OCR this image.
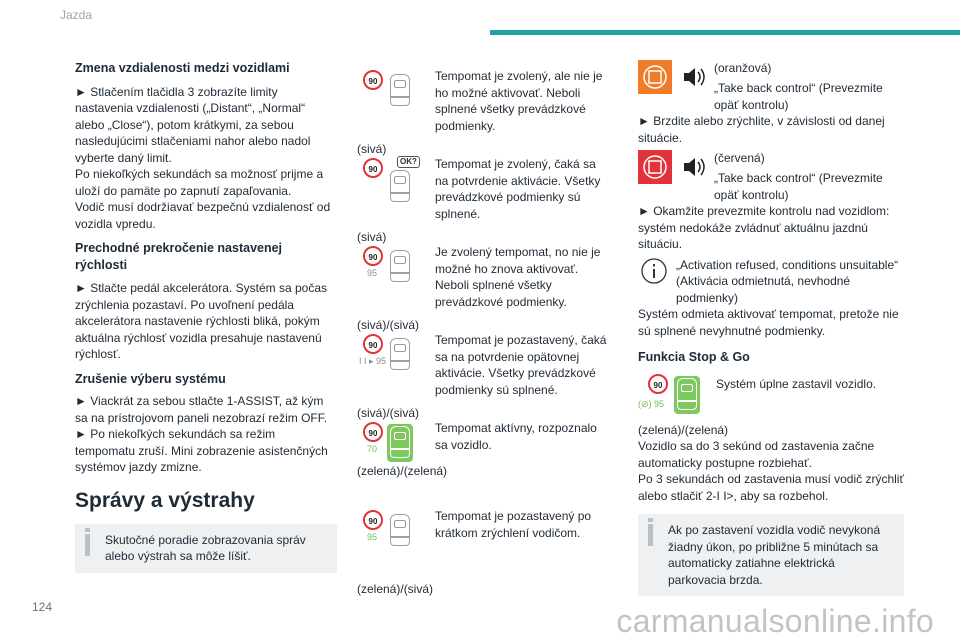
Jazda
124	carmanualsonline.info

Zmena vzdialenosti medzi vozidlami

► Stlačením tlačidla 3 zobrazíte limity nastavenia vzdialenosti („Distant“, „Normal“ alebo „Close“), potom krátkymi, za sebou nasledujúcimi stlačeniami nahor alebo nadol vyberte daný limit.

Po niekoľkých sekundách sa možnosť prijme a uloží do pamäte po zapnutí zapaľovania.

Vodič musí dodržiavať bezpečnú vzdialenosť od vozidla vpredu.

Prechodné prekročenie nastavenej rýchlosti

► Stlačte pedál akcelerátora. Systém sa počas zrýchlenia pozastaví. Po uvoľnení pedála akcelerátora nastavenie rýchlosti bliká, pokým aktuálna rýchlosť vozidla presahuje nastavenú rýchlosť.

Zrušenie výberu systému

► Viackrát za sebou stlačte 1-ASSIST, až kým sa na prístrojovom paneli nezobrazí režim OFF.

► Po niekoľkých sekundách sa režim tempomatu zruší. Mini zobrazenie asistenčných systémov jazdy zmizne.

Správy a výstrahy

Skutočné poradie zobrazovania správ alebo výstrah sa môže líšiť.
90	Tempomat je zvolený, ale nie je ho možné aktivovať. Neboli splnené všetky prevádzkové podmienky.

(sivá)

90
OK? Tempomat je zvolený, čaká sa na potvrdenie aktivácie. Všetky prevádzkové podmienky sú splnené.

(sivá)

90
95

Je zvolený tempomat, no nie je možné ho znova aktivovať. Neboli splnené všetky prevádzkové podmienky.

(sivá)/(sivá)

90
I I ▸ 95

Tempomat je pozastavený, čaká sa na potvrdenie opätovnej aktivácie. Všetky prevádzkové podmienky sú splnené.

(sivá)/(sivá)

90
70

Tempomat aktívny, rozpoznalo sa vozidlo.

(zelená)/(zelená)

90
95

Tempomat je pozastavený po krátkom zrýchlení vodičom.

(zelená)/(sivá)

(oranžová)

„Take back control“ (Prevezmite opäť kontrolu)

► Brzdite alebo zrýchlite, v závislosti od danej situácie.

(červená)

„Take back control“ (Prevezmite opäť kontrolu)

► Okamžite prevezmite kontrolu nad vozidlom: systém nedokáže zvládnuť aktuálnu jazdnú situáciu.

„Activation refused, conditions unsuitable“ (Aktivácia odmietnutá, nevhodné podmienky)

Systém odmieta aktivovať tempomat, pretože nie sú splnené nevyhnutné podmienky.

Funkcia Stop & Go

90
(⊘) 95

Systém úplne zastavil vozidlo.

(zelená)/(zelená)

Vozidlo sa do 3 sekúnd od zastavenia začne automaticky postupne rozbiehať.

Po 3 sekundách od zastavenia musí vodič zrýchliť alebo stlačiť 2-I I>, aby sa rozbehol.

Ak po zastavení vozidla vodič nevykoná žiadny úkon, po približne 5 minútach sa automaticky zatiahne elektrická parkovacia brzda.
